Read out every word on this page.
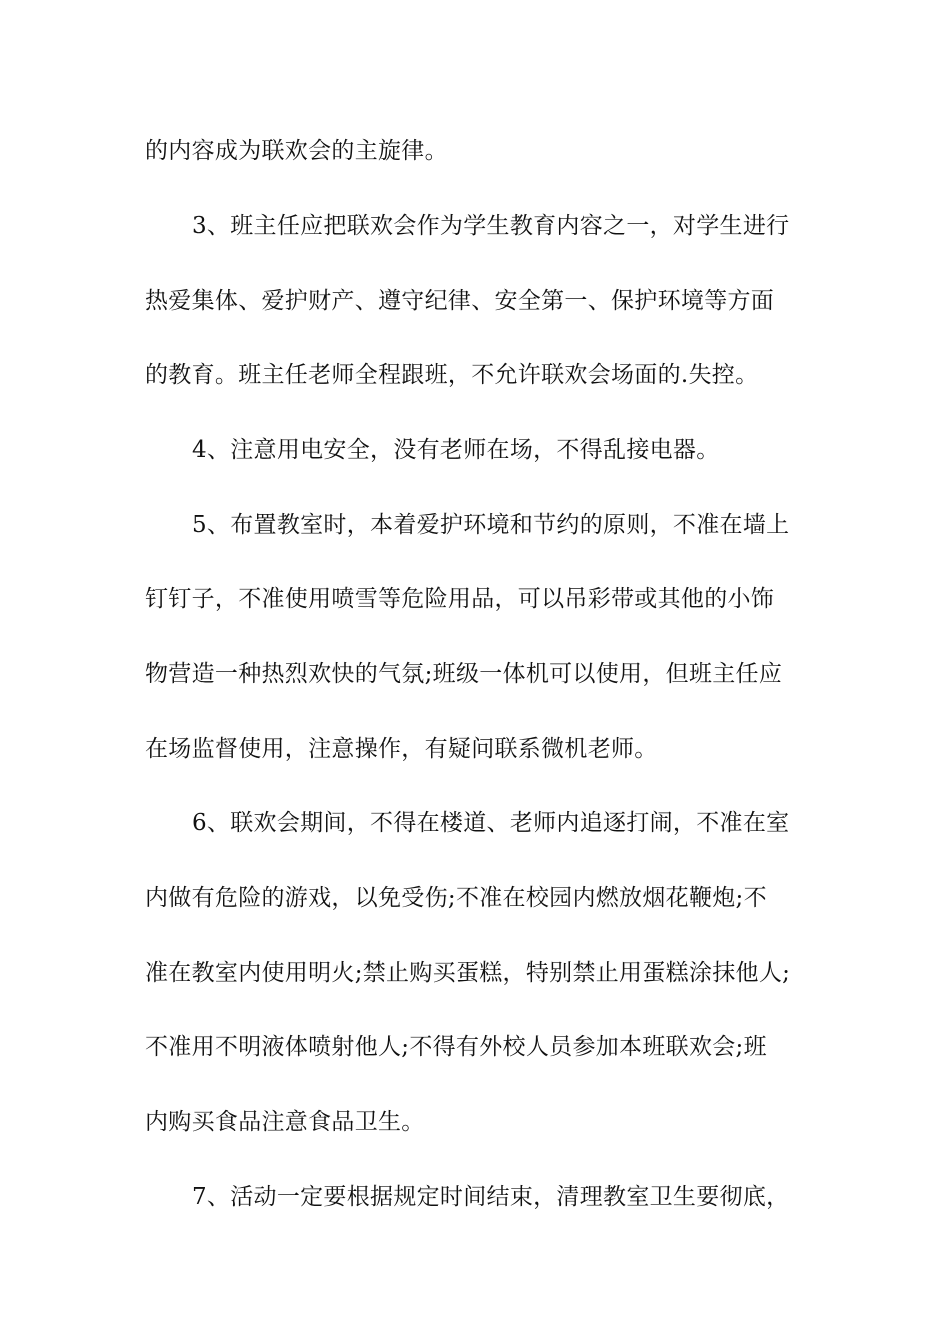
的内容成为联欢会的主旋律。
3、班主任应把联欢会作为学生教育内容之一，对学生进行
热爱集体、爱护财产、遵守纪律、安全第一、保护环境等方面
的教育。班主任老师全程跟班，不允许联欢会场面的.失控。
4、注意用电安全，没有老师在场，不得乱接电器。
5、布置教室时，本着爱护环境和节约的原则，不准在墙上
钉钉子，不准使用喷雪等危险用品，可以吊彩带或其他的小饰
物营造一种热烈欢快的气氛;班级一体机可以使用，但班主任应
在场监督使用，注意操作，有疑问联系微机老师。
6、联欢会期间，不得在楼道、老师内追逐打闹，不准在室
内做有危险的游戏，以免受伤;不准在校园内燃放烟花鞭炮;不
准在教室内使用明火;禁止购买蛋糕，特别禁止用蛋糕涂抹他人;
不准用不明液体喷射他人;不得有外校人员参加本班联欢会;班
内购买食品注意食品卫生。
7、活动一定要根据规定时间结束，清理教室卫生要彻底，
